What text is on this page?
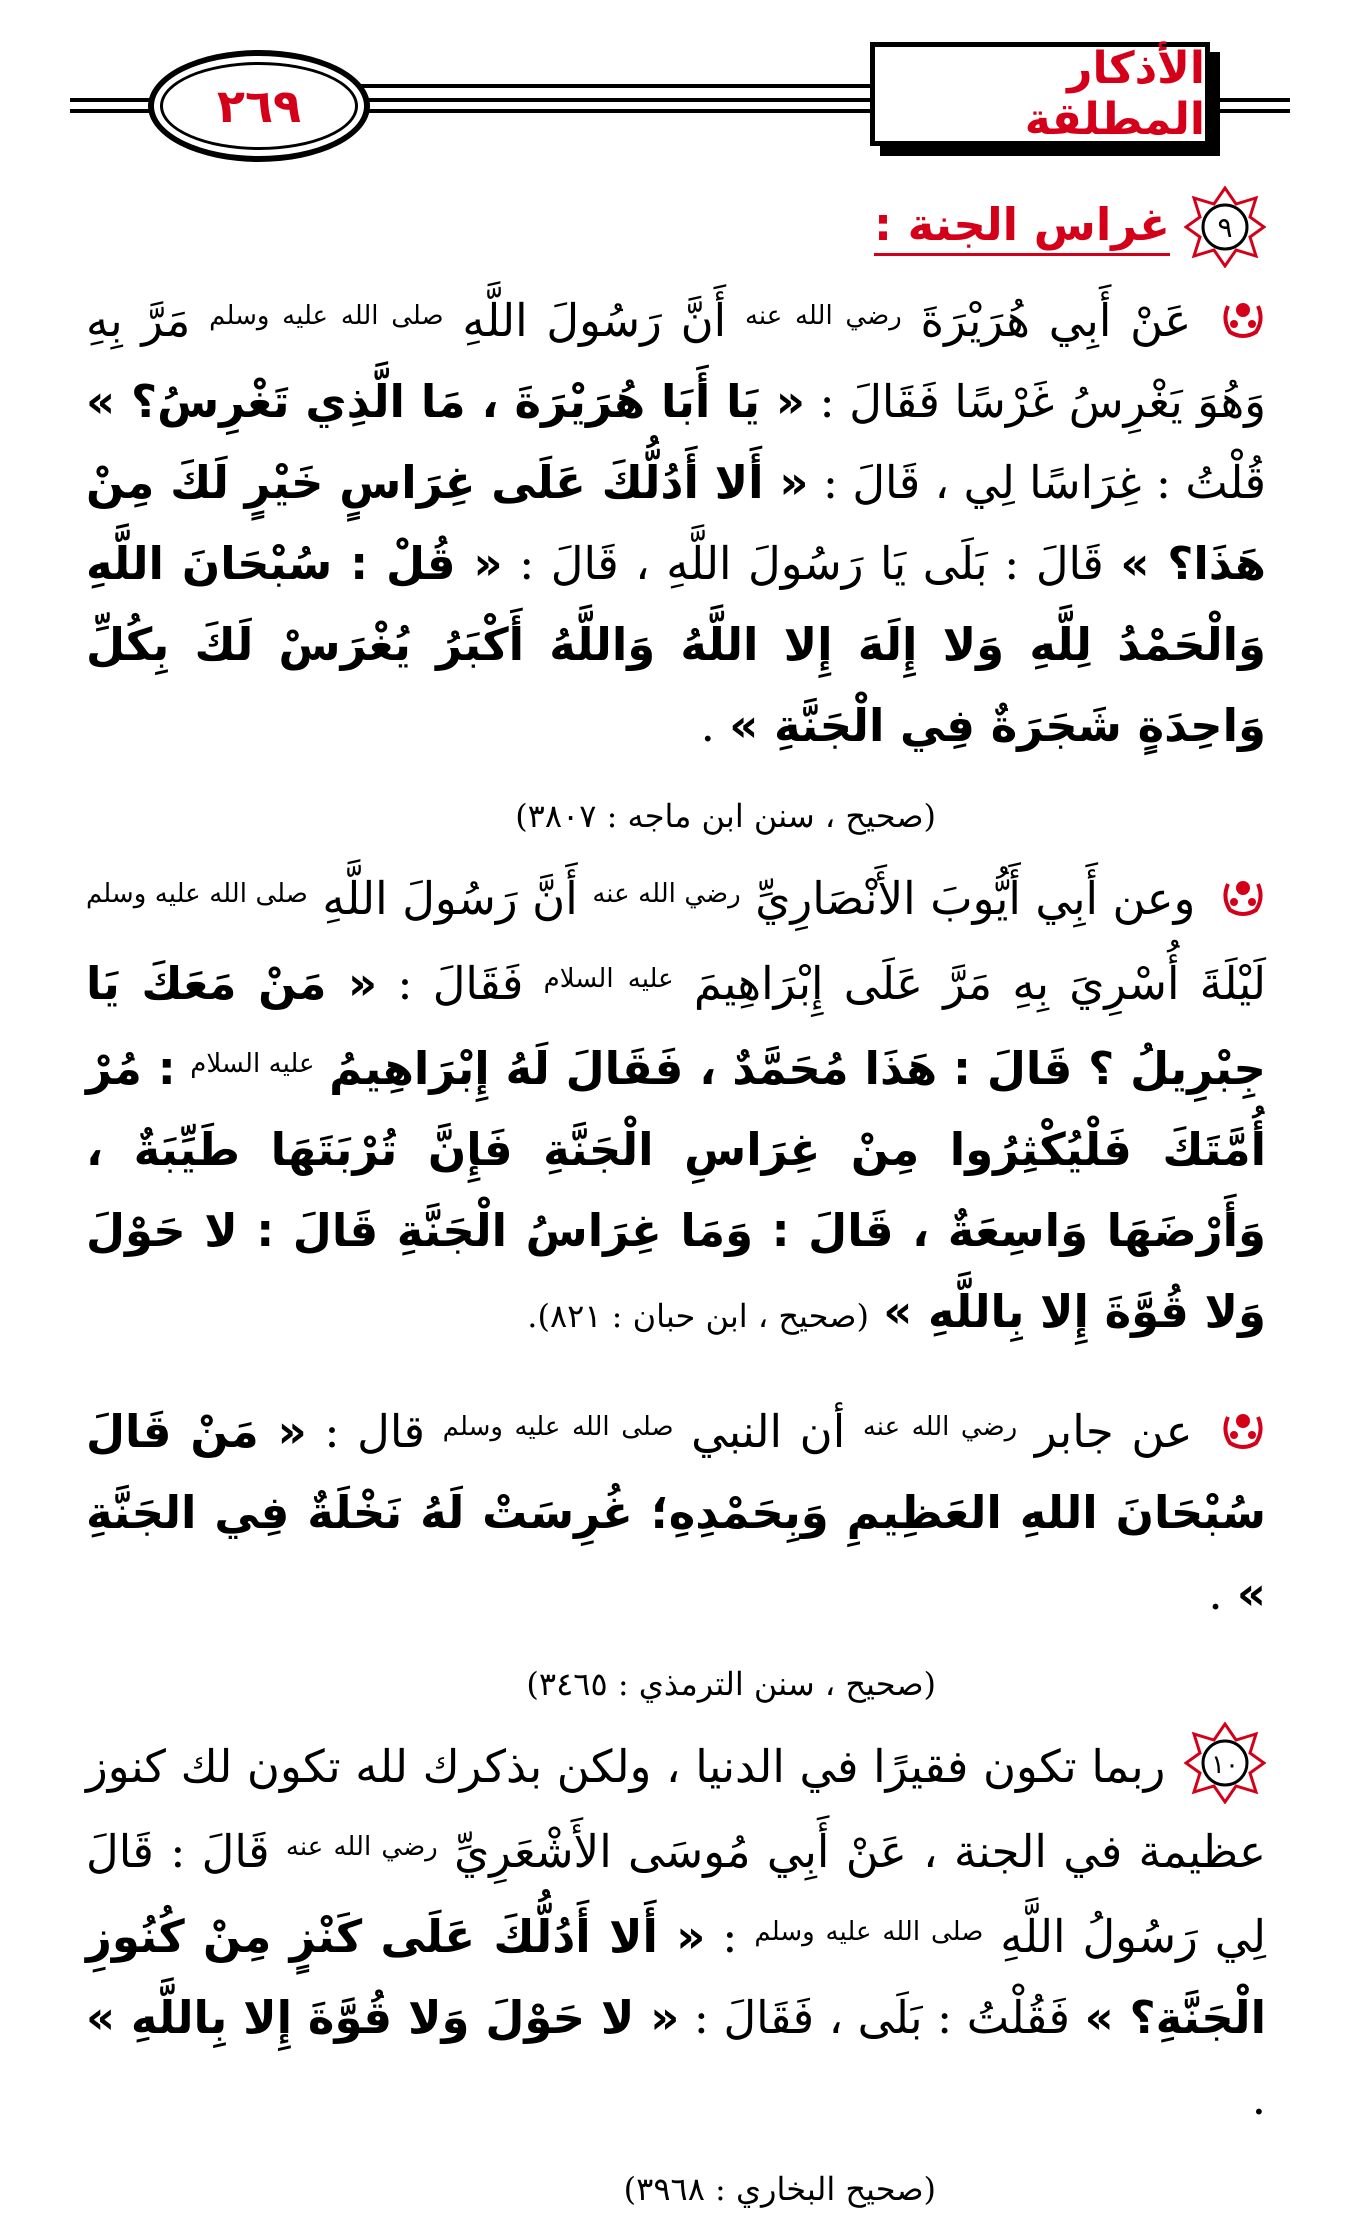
الأذكار المطلقة
٢٦٩
٩
غراس الجنة :

عَنْ أَبِي هُرَيْرَةَ $^{رضي الله عنه}$ أَنَّ رَسُولَ اللَّهِ $^{صلى الله عليه وسلم}$ مَرَّ بِهِ وَهُوَ يَغْرِسُ غَرْسًا فَقَالَ : « يَا أَبَا هُرَيْرَةَ ، مَا الَّذِي تَغْرِسُ؟ » قُلْتُ : غِرَاسًا لِي ، قَالَ : « أَلا أَدُلُّكَ عَلَى غِرَاسٍ خَيْرٍ لَكَ مِنْ هَذَا؟ » قَالَ : بَلَى يَا رَسُولَ اللَّهِ ، قَالَ : « قُلْ : سُبْحَانَ اللَّهِ وَالْحَمْدُ لِلَّهِ وَلا إِلَهَ إِلا اللَّهُ وَاللَّهُ أَكْبَرُ يُغْرَسْ لَكَ بِكُلِّ وَاحِدَةٍ شَجَرَةٌ فِي الْجَنَّةِ » .

(صحيح ، سنن ابن ماجه : ٣٨٠٧)

وعن أَبِي أَيُّوبَ الأَنْصَارِيِّ $^{رضي الله عنه}$ أَنَّ رَسُولَ اللَّهِ $^{صلى الله عليه وسلم}$ لَيْلَةَ أُسْرِيَ بِهِ مَرَّ عَلَى إِبْرَاهِيمَ $^{عليه السلام}$ فَقَالَ : « مَنْ مَعَكَ يَا جِبْرِيلُ ؟ قَالَ : هَذَا مُحَمَّدٌ ، فَقَالَ لَهُ إِبْرَاهِيمُ $^{عليه السلام}$ : مُرْ أُمَّتَكَ فَلْيُكْثِرُوا مِنْ غِرَاسِ الْجَنَّةِ فَإِنَّ تُرْبَتَهَا طَيِّبَةٌ ، وَأَرْضَهَا وَاسِعَةٌ ، قَالَ : وَمَا غِرَاسُ الْجَنَّةِ قَالَ : لا حَوْلَ وَلا قُوَّةَ إِلا بِاللَّهِ » (صحيح ، ابن حبان : ٨٢١).

عن جابر $^{رضي الله عنه}$ أن النبي $^{صلى الله عليه وسلم}$ قال : « مَنْ قَالَ سُبْحَانَ اللهِ العَظِيمِ وَبِحَمْدِهِ؛ غُرِسَتْ لَهُ نَخْلَةٌ فِي الجَنَّةِ » .

(صحيح ، سنن الترمذي : ٣٤٦٥)

١٠
ربما تكون فقيرًا في الدنيا ، ولكن بذكرك لله تكون لك كنوز عظيمة في الجنة ، عَنْ أَبِي مُوسَى الأَشْعَرِيِّ $^{رضي الله عنه}$ قَالَ : قَالَ لِي رَسُولُ اللَّهِ $^{صلى الله عليه وسلم}$ : « أَلا أَدُلُّكَ عَلَى كَنْزٍ مِنْ كُنُوزِ الْجَنَّةِ؟ » فَقُلْتُ : بَلَى ، فَقَالَ : « لا حَوْلَ وَلا قُوَّةَ إِلا بِاللَّهِ » .

(صحيح البخاري : ٣٩٦٨)
